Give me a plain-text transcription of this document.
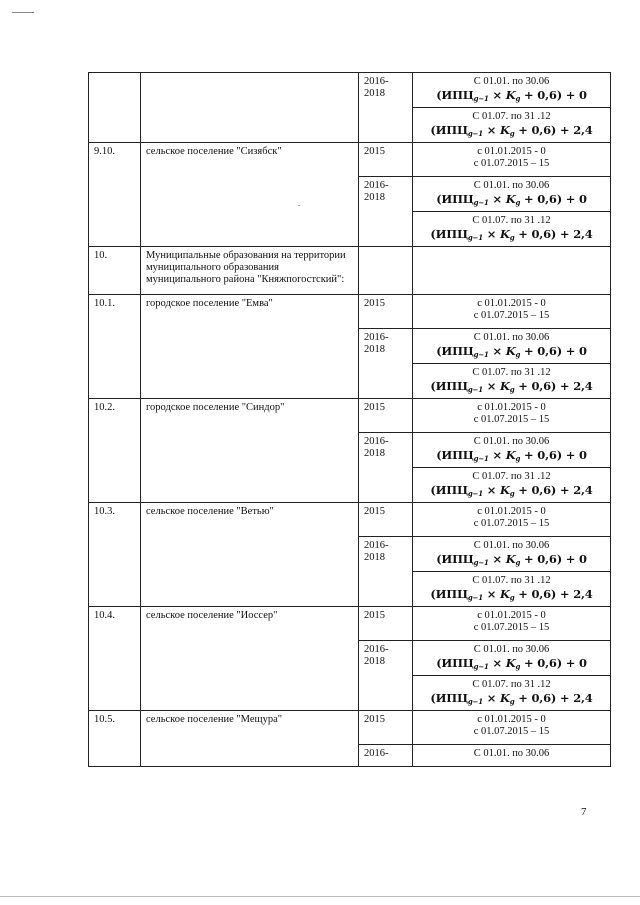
		2016-
2018	С 01.01. по 30.06
$(ИПЦ_{g-1} \times K_g + 0,6) + 0$

			С 01.07. по 31 .12
$(ИПЦ_{g-1} \times K_g + 0,6) + 2,4$

9.10.	сельское поселение "Сизябск"	2015	с 01.01.2015 - 0
с 01.07.2015 – 15

		2016-
2018	С 01.01. по 30.06
$(ИПЦ_{g-1} \times K_g + 0,6) + 0$

			С 01.07. по 31 .12
$(ИПЦ_{g-1} \times K_g + 0,6) + 2,4$

10.	Муниципальные образования на территории муниципального образования муниципального района "Княжпогостский":		

10.1.	городское поселение "Емва"	2015	с 01.01.2015 - 0
с 01.07.2015 – 15

		2016-
2018	С 01.01. по 30.06
$(ИПЦ_{g-1} \times K_g + 0,6) + 0$

			С 01.07. по 31 .12
$(ИПЦ_{g-1} \times K_g + 0,6) + 2,4$

10.2.	городское поселение "Синдор"	2015	с 01.01.2015 - 0
с 01.07.2015 – 15

		2016-
2018	С 01.01. по 30.06
$(ИПЦ_{g-1} \times K_g + 0,6) + 0$

			С 01.07. по 31 .12
$(ИПЦ_{g-1} \times K_g + 0,6) + 2,4$

10.3.	сельское поселение "Ветью"	2015	с 01.01.2015 - 0
с 01.07.2015 – 15

		2016-
2018	С 01.01. по 30.06
$(ИПЦ_{g-1} \times K_g + 0,6) + 0$

			С 01.07. по 31 .12
$(ИПЦ_{g-1} \times K_g + 0,6) + 2,4$

10.4.	сельское поселение "Иоссер"	2015	с 01.01.2015 - 0
с 01.07.2015 – 15

		2016-
2018	С 01.01. по 30.06
$(ИПЦ_{g-1} \times K_g + 0,6) + 0$

			С 01.07. по 31 .12
$(ИПЦ_{g-1} \times K_g + 0,6) + 2,4$

10.5.	сельское поселение "Мещура"	2015	с 01.01.2015 - 0
с 01.07.2015 – 15

		2016-	С 01.01. по 30.06
7
